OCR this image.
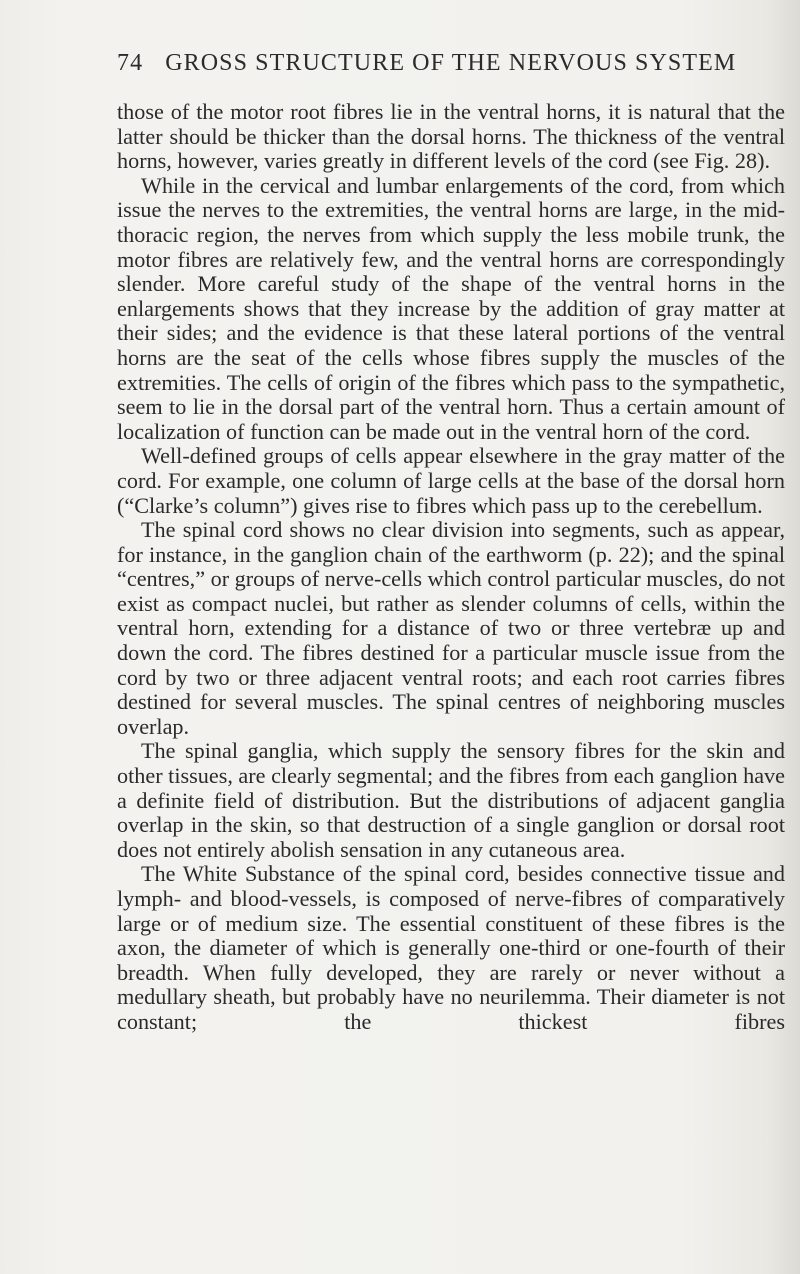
74 GROSS STRUCTURE OF THE NERVOUS SYSTEM

those of the motor root fibres lie in the ventral horns, it is natural that the latter should be thicker than the dorsal horns. The thickness of the ventral horns, however, varies greatly in different levels of the cord (see Fig. 28).

While in the cervical and lumbar enlargements of the cord, from which issue the nerves to the extremities, the ventral horns are large, in the mid-thoracic region, the nerves from which supply the less mobile trunk, the motor fibres are relatively few, and the ventral horns are correspondingly slender. More careful study of the shape of the ventral horns in the enlargements shows that they increase by the addition of gray matter at their sides; and the evidence is that these lateral portions of the ventral horns are the seat of the cells whose fibres supply the muscles of the extremities. The cells of origin of the fibres which pass to the sympathetic, seem to lie in the dorsal part of the ventral horn. Thus a certain amount of localization of function can be made out in the ventral horn of the cord.

Well-defined groups of cells appear elsewhere in the gray matter of the cord. For example, one column of large cells at the base of the dorsal horn (“Clarke’s column”) gives rise to fibres which pass up to the cerebellum.

The spinal cord shows no clear division into segments, such as appear, for instance, in the ganglion chain of the earthworm (p. 22); and the spinal “centres,” or groups of nerve-cells which control particular muscles, do not exist as compact nuclei, but rather as slender columns of cells, within the ventral horn, extending for a distance of two or three vertebræ up and down the cord. The fibres destined for a particular muscle issue from the cord by two or three adjacent ventral roots; and each root carries fibres destined for several muscles. The spinal centres of neighboring muscles overlap.

The spinal ganglia, which supply the sensory fibres for the skin and other tissues, are clearly segmental; and the fibres from each ganglion have a definite field of distribution. But the distributions of adjacent ganglia overlap in the skin, so that destruction of a single ganglion or dorsal root does not entirely abolish sensation in any cutaneous area.

The White Substance of the spinal cord, besides connective tissue and lymph- and blood-vessels, is composed of nerve-fibres of comparatively large or of medium size. The essential constituent of these fibres is the axon, the diameter of which is generally one-third or one-fourth of their breadth. When fully developed, they are rarely or never without a medullary sheath, but probably have no neurilemma. Their diameter is not constant; the thickest fibres
